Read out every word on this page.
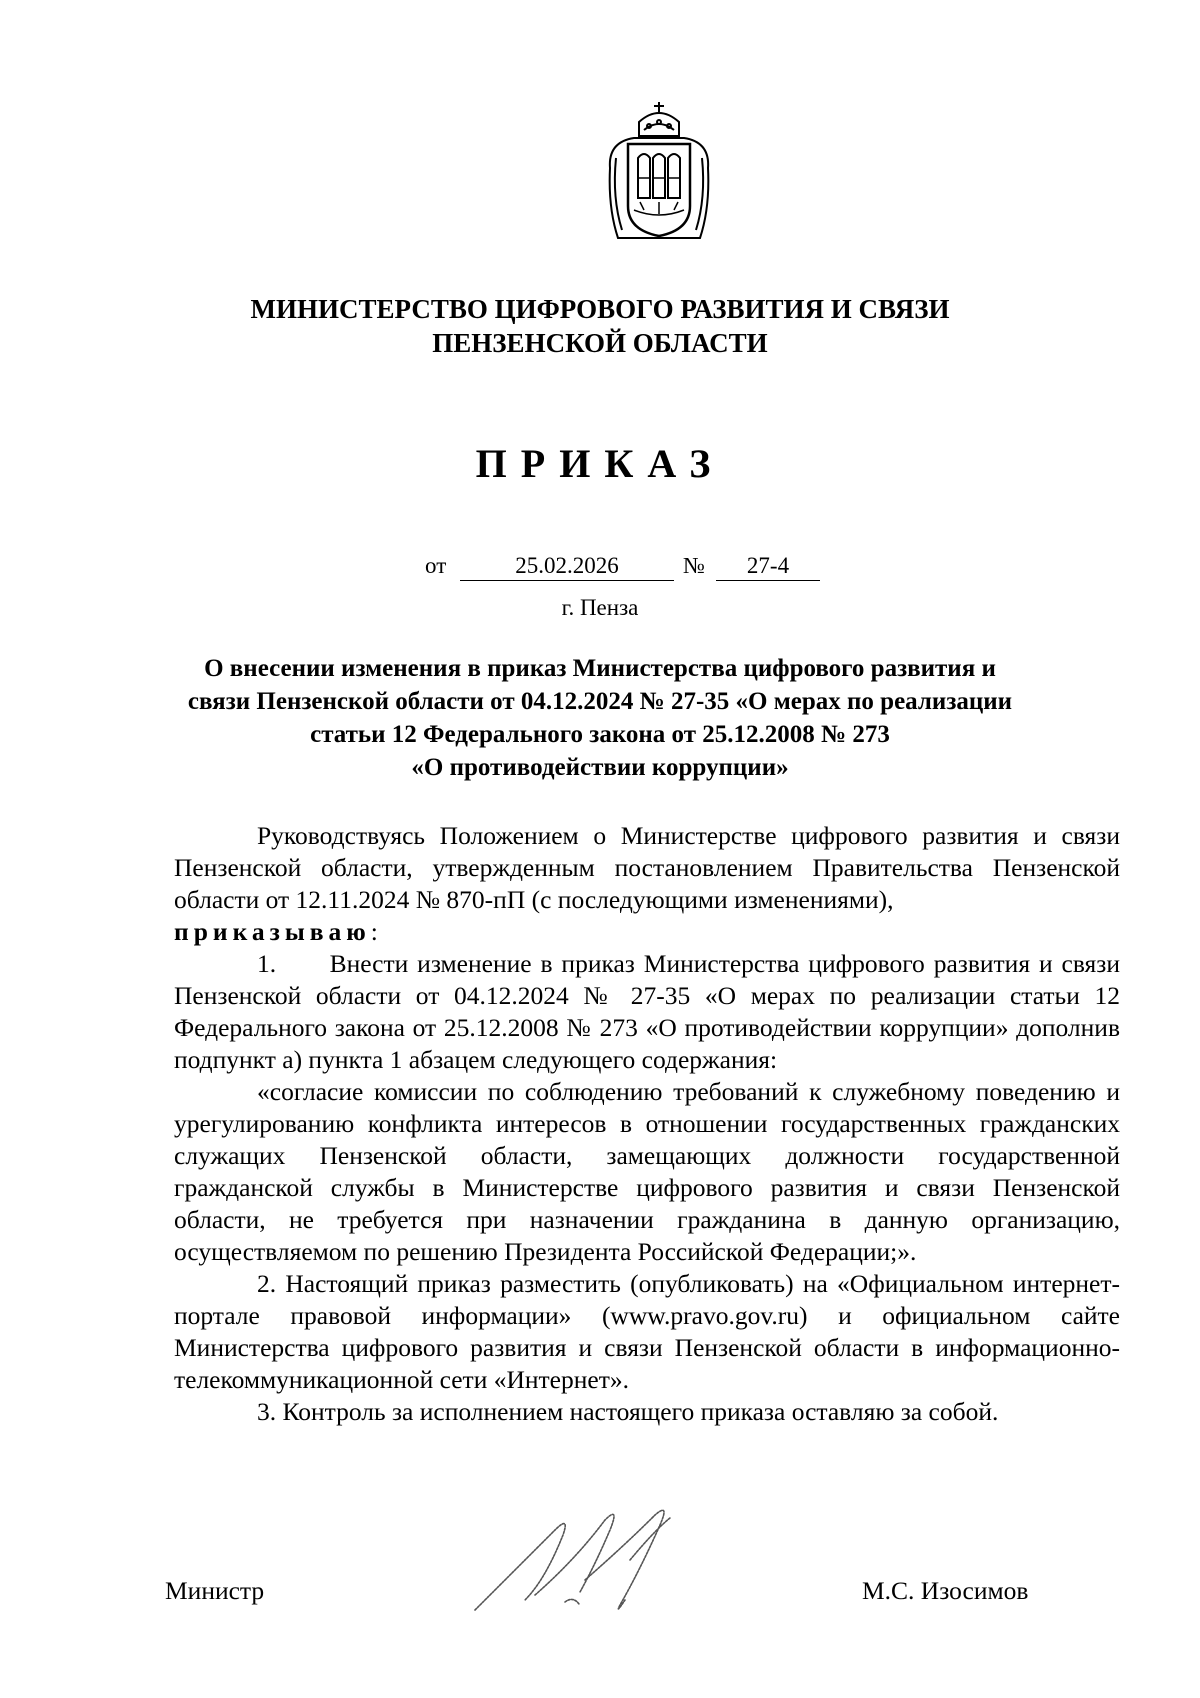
МИНИСТЕРСТВО ЦИФРОВОГО РАЗВИТИЯ И СВЯЗИ
ПЕНЗЕНСКОЙ ОБЛАСТИ
ПРИКАЗ
от	25.02.2026	№	27-4
г. Пенза
О внесении изменения в приказ Министерства цифрового развития и
связи Пензенской области от 04.12.2024 № 27-35 «О мерах по реализации
статьи 12 Федерального закона от 25.12.2008 № 273
«О противодействии коррупции»

Руководствуясь Положением о Министерстве цифрового развития и связи Пензенской области, утвержденным постановлением Правительства Пензенской области от 12.11.2024 № 870-пП (с последующими изменениями),

приказываю:

1. Внести изменение в приказ Министерства цифрового развития и связи Пензенской области от 04.12.2024 № 27-35 «О мерах по реализации статьи 12 Федерального закона от 25.12.2008 № 273 «О противодействии коррупции» дополнив подпункт а) пункта 1 абзацем следующего содержания:

«согласие комиссии по соблюдению требований к служебному поведению и урегулированию конфликта интересов в отношении государственных гражданских служащих Пензенской области, замещающих должности государственной гражданской службы в Министерстве цифрового развития и связи Пензенской области, не требуется при назначении гражданина в данную организацию, осуществляемом по решению Президента Российской Федерации;».

2. Настоящий приказ разместить (опубликовать) на «Официальном интернет-портале правовой информации» (www.pravo.gov.ru) и официальном сайте Министерства цифрового развития и связи Пензенской области в информационно-телекоммуникационной сети «Интернет».

3. Контроль за исполнением настоящего приказа оставляю за собой.

Министр	М.С. Изосимов
